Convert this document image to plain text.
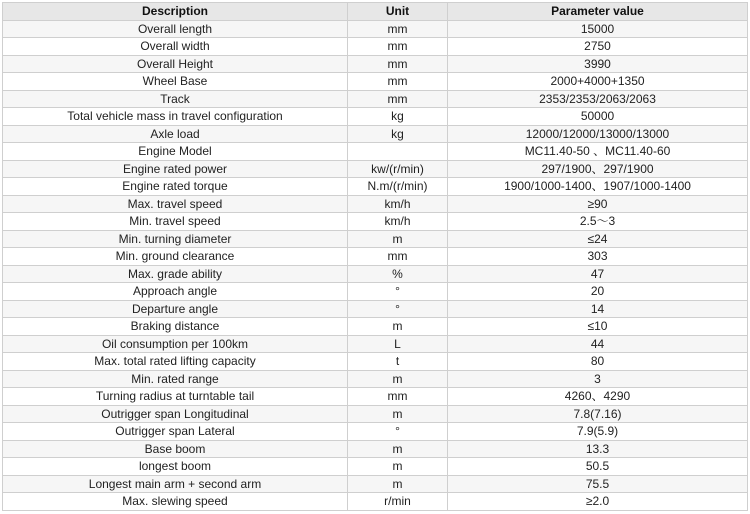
Description	Unit	Parameter value
Overall length	mm	15000
Overall width	mm	2750
Overall Height	mm	3990
Wheel Base	mm	2000+4000+1350
Track	mm	2353/2353/2063/2063
Total vehicle mass in travel configuration	kg	50000
Axle load	kg	12000/12000/13000/13000
Engine Model		MC11.40-50 、MC11.40-60
Engine rated power	kw/(r/min)	297/1900、297/1900
Engine rated torque	N.m/(r/min)	1900/1000-1400、1907/1000-1400
Max. travel speed	km/h	≥90
Min. travel speed	km/h	2.5～3
Min. turning diameter	m	≤24
Min. ground clearance	mm	303
Max. grade ability	%	47
Approach angle	°	20
Departure angle	°	14
Braking distance	m	≤10
Oil consumption per 100km	L	44
Max. total rated lifting capacity	t	80
Min. rated range	m	3
Turning radius at turntable tail	mm	4260、4290
Outrigger span Longitudinal	m	7.8(7.16)
Outrigger span Lateral	°	7.9(5.9)
Base boom	m	13.3
longest boom	m	50.5
Longest main arm + second arm	m	75.5
Max. slewing speed	r/min	≥2.0
